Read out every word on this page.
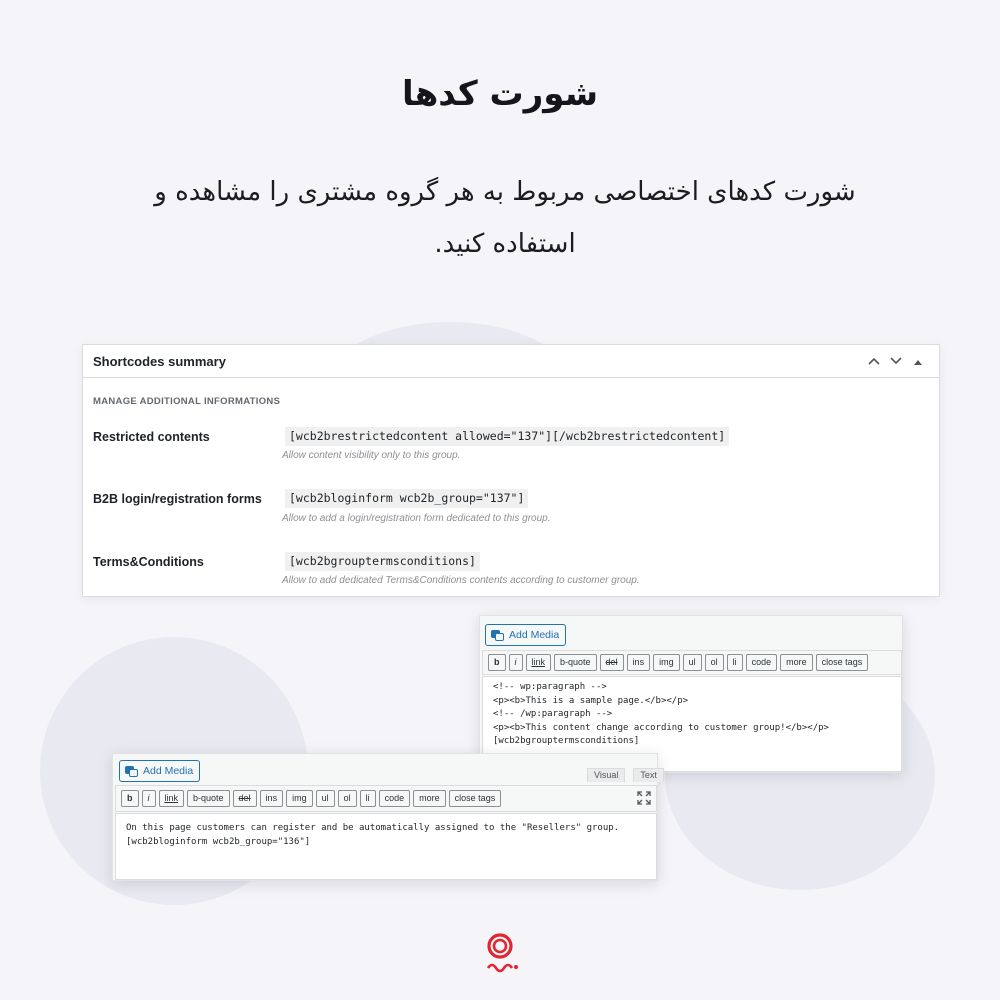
شورت کدها
شورت کدهای اختصاصی مربوط به هر گروه مشتری را مشاهده و استفاده کنید.
Shortcodes summary
MANAGE ADDITIONAL INFORMATIONS
Restricted contents	[wcb2brestrictedcontent allowed="137"][/wcb2brestrictedcontent]
Allow content visibility only to this group.
B2B login/registration forms	[wcb2bloginform wcb2b_group="137"]
Allow to add a login/registration form dedicated to this group.
Terms&Conditions	[wcb2bgrouptermsconditions]
Allow to add dedicated Terms&Conditions contents according to customer group.
Add Media
b	i	link	b-quote	del	ins	img	ul	ol	li	code	more	close tags
<!-- wp:paragraph -->
<p><b>This is a sample page.</b></p>
<!-- /wp:paragraph -->
<p><b>This content change according to customer group!</b></p>
[wcb2bgrouptermsconditions]
Add Media	Visual	Text
b	i	link	b-quote	del	ins	img	ul	ol	li	code	more	close tags
On this page customers can register and be automatically assigned to the "Resellers" group.
[wcb2bloginform wcb2b_group="136"]
